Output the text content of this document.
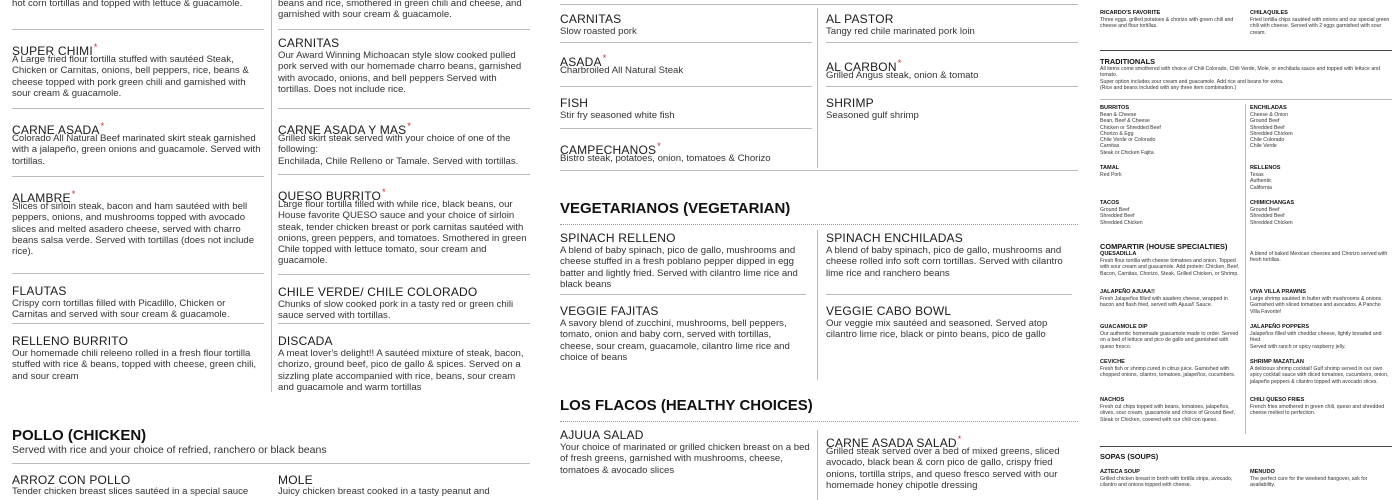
hot corn tortillas and topped with lettuce & guacamole.
SUPER CHIMI*
A Large fried flour tortilla stuffed with sautéed Steak, Chicken or Carnitas, onions, bell peppers, rice, beans & cheese topped with pork green chili and garnished with sour cream & guacamole.
CARNE ASADA*
Colorado All Natural Beef marinated skirt steak garnished with a jalapeño, green onions and guacamole. Served with tortillas.
ALAMBRE*
Slices of sirloin steak, bacon and ham sautéed with bell peppers, onions, and mushrooms topped with avocado slices and melted asadero cheese, served with charro beans salsa verde. Served with tortillas (does not include rice).
FLAUTAS
Crispy corn tortillas filled with Picadillo, Chicken or Carnitas and served with sour cream & guacamole.
RELLENO BURRITO
Our homemade chili releeno rolled in a fresh flour tortilla stuffed with rice & beans, topped with cheese, green chili, and sour cream
beans and rice, smothered in green chili and cheese, and garnished with sour cream & guacamole.
CARNITAS
Our Award Winning Michoacan style slow cooked pulled pork served with our homemade charro beans, garnished with avocado, onions, and bell peppers Served with tortillas. Does not include rice.
CARNE ASADA Y MAS*
Grilled skirt steak served with your choice of one of the following:
Enchilada, Chile Relleno or Tamale. Served with tortillas.
QUESO BURRITO*
Large flour tortilla filled with while rice, black beans, our House favorite QUESO sauce and your choice of sirloin steak, tender chicken breast or pork carnitas sautéed with onions, green peppers, and tomatoes. Smothered in green Chile topped with lettuce tomato, sour cream and guacamole.
CHILE VERDE/ CHILE COLORADO
Chunks of slow cooked pork in a tasty red or green chili sauce served with tortillas.
DISCADA
A meat lover's delight!! A sautéed mixture of steak, bacon, chorizo, ground beef, pico de gallo & spices. Served on a sizzling plate accompanied with rice, beans, sour cream and guacamole and warm tortillas
POLLO (CHICKEN)
Served with rice and your choice of refried, ranchero or black beans
ARROZ CON POLLO
Tender chicken breast slices sautéed in a special sauce
MOLE
Juicy chicken breast cooked in a tasty peanut and
CARNITAS
Slow roasted pork
ASADA*
Charbroiled All Natural Steak
FISH
Stir fry seasoned white fish
CAMPECHANOS*
Bistro steak, potatoes, onion, tomatoes & Chorizo
AL PASTOR
Tangy red chile marinated pork loin
AL CARBON*
Grilled Angus steak, onion & tomato
SHRIMP
Seasoned gulf shrimp
VEGETARIANOS (VEGETARIAN)
SPINACH RELLENO
A blend of baby spinach, pico de gallo, mushrooms and cheese stuffed in a fresh poblano pepper dipped in egg batter and lightly fried. Served with cilantro lime rice and black beans
VEGGIE FAJITAS
A savory blend of zucchini, mushrooms, bell peppers, tomato, onion and baby corn, served with tortillas, cheese, sour cream, guacamole, cilantro lime rice and choice of beans
SPINACH ENCHILADAS
A blend of baby spinach, pico de gallo, mushrooms and cheese rolled info soft corn tortillas. Served with cilantro lime rice and ranchero beans
VEGGIE CABO BOWL
Our veggie mix sautéed and seasoned. Served atop cilantro lime rice, black or pinto beans, pico de gallo
LOS FLACOS (HEALTHY CHOICES)
AJUUA SALAD
Your choice of marinated or grilled chicken breast on a bed of fresh greens, garnished with mushrooms, cheese, tomatoes & avocado slices
CARNE ASADA SALAD*
Grilled steak served over a bed of mixed greens, sliced avocado, black bean & corn pico de gallo, crispy fried onions, tortilla strips, and queso fresco served with our homemade honey chipotle dressing
RICARDO'S FAVORITE
Three eggs, grilled potatoes & chorizo with green chili and cheese and flour tortillas.
CHILAQUILES
Fried tortilla chips sautéed with onions and our special green chili with cheese. Served with 2 eggs garnished with sour cream.
TRADITIONALS
All items come smothered with choice of Chili Colorado, Chili Verde, Mole, or enchilada sauce and topped with lettuce and tomato.
Super option includes sour cream and guacamole. Add rice and beans for extra.
(Rice and beans included with any three item combination.)
BURRITOS
Bean & Cheese
Bean, Beef & Cheese
Chicken or Shredded Beef
Chorizo & Egg
Chile Verde or Colorado
Carnitas
Steak or Chicken Fajita
TAMAL
Red Pork
TACOS
Ground Beef
Shredded Beef
Shredded Chicken
ENCHILADAS
Cheese & Onion
Ground Beef
Shredded Beef
Shredded Chicken
Chile Colorado
Chile Verde
RELLENOS
Texas
Authentic
California
CHIMICHANGAS
Ground Beef
Shredded Beef
Shredded Chicken
COMPARTIR (HOUSE SPECIALTIES)
QUESADILLA
Fresh flour tortilla with cheese tomatoes and onion. Topped with sour cream and guacamole. Add protein: Chicken, Beef, Bacon, Carnitas, Chorizo, Steak, Grilled Chicken, or Shrimp.
JALAPEÑO AJUAA!!
Fresh Jalapeños filled with asadero cheese, wrapped in bacon and flash fried, served with Ajuua!! Sauce.
GUACAMOLE DIP
Our authentic homemade guacamole made to order. Served on a bed of lettuce and pico de gallo and garnished with queso fresco.
CEVICHE
Fresh fish or shrimp cured in citrus juice. Garnished with chopped onions, cilantro, tomatoes, jalapeños, cucumbers.
NACHOS
Fresh cut chips topped with beans, tomatoes, jalapeños, olives, sour cream, guacamole and choice of Ground Beef, Steak or Chicken, covered with our chili con queso.
A blend of baked Mexican cheeses and Chorizo served with fresh tortillas.
VIVA VILLA PRAWNS
Large shrimp sautéed in butter with mushrooms & onions. Garnished with sliced tomatoes and avocados. A Pancho Villa Favorite!
JALAPEÑO POPPERS
Jalapeños filled with cheddar cheese, lightly breaded and fried.
Served with ranch or spicy raspberry jelly.
SHRIMP MAZATLAN
A delicious shrimp cocktail! Gulf shrimp served in our own spicy cocktail sauce with diced tomatoes, cucumbers, onion, jalapeño peppers & cilantro topped with avocado slices.
CHILI QUESO FRIES
French fries smothered in green chili, queso and shredded cheese melted to perfection.
SOPAS (SOUPS)
AZTECA SOUP
Grilled chicken breast in broth with tortilla strips, avocado, cilantro and onions topped with cheese.
MENUDO
The perfect cure for the weekend hangover, ask for availability.
